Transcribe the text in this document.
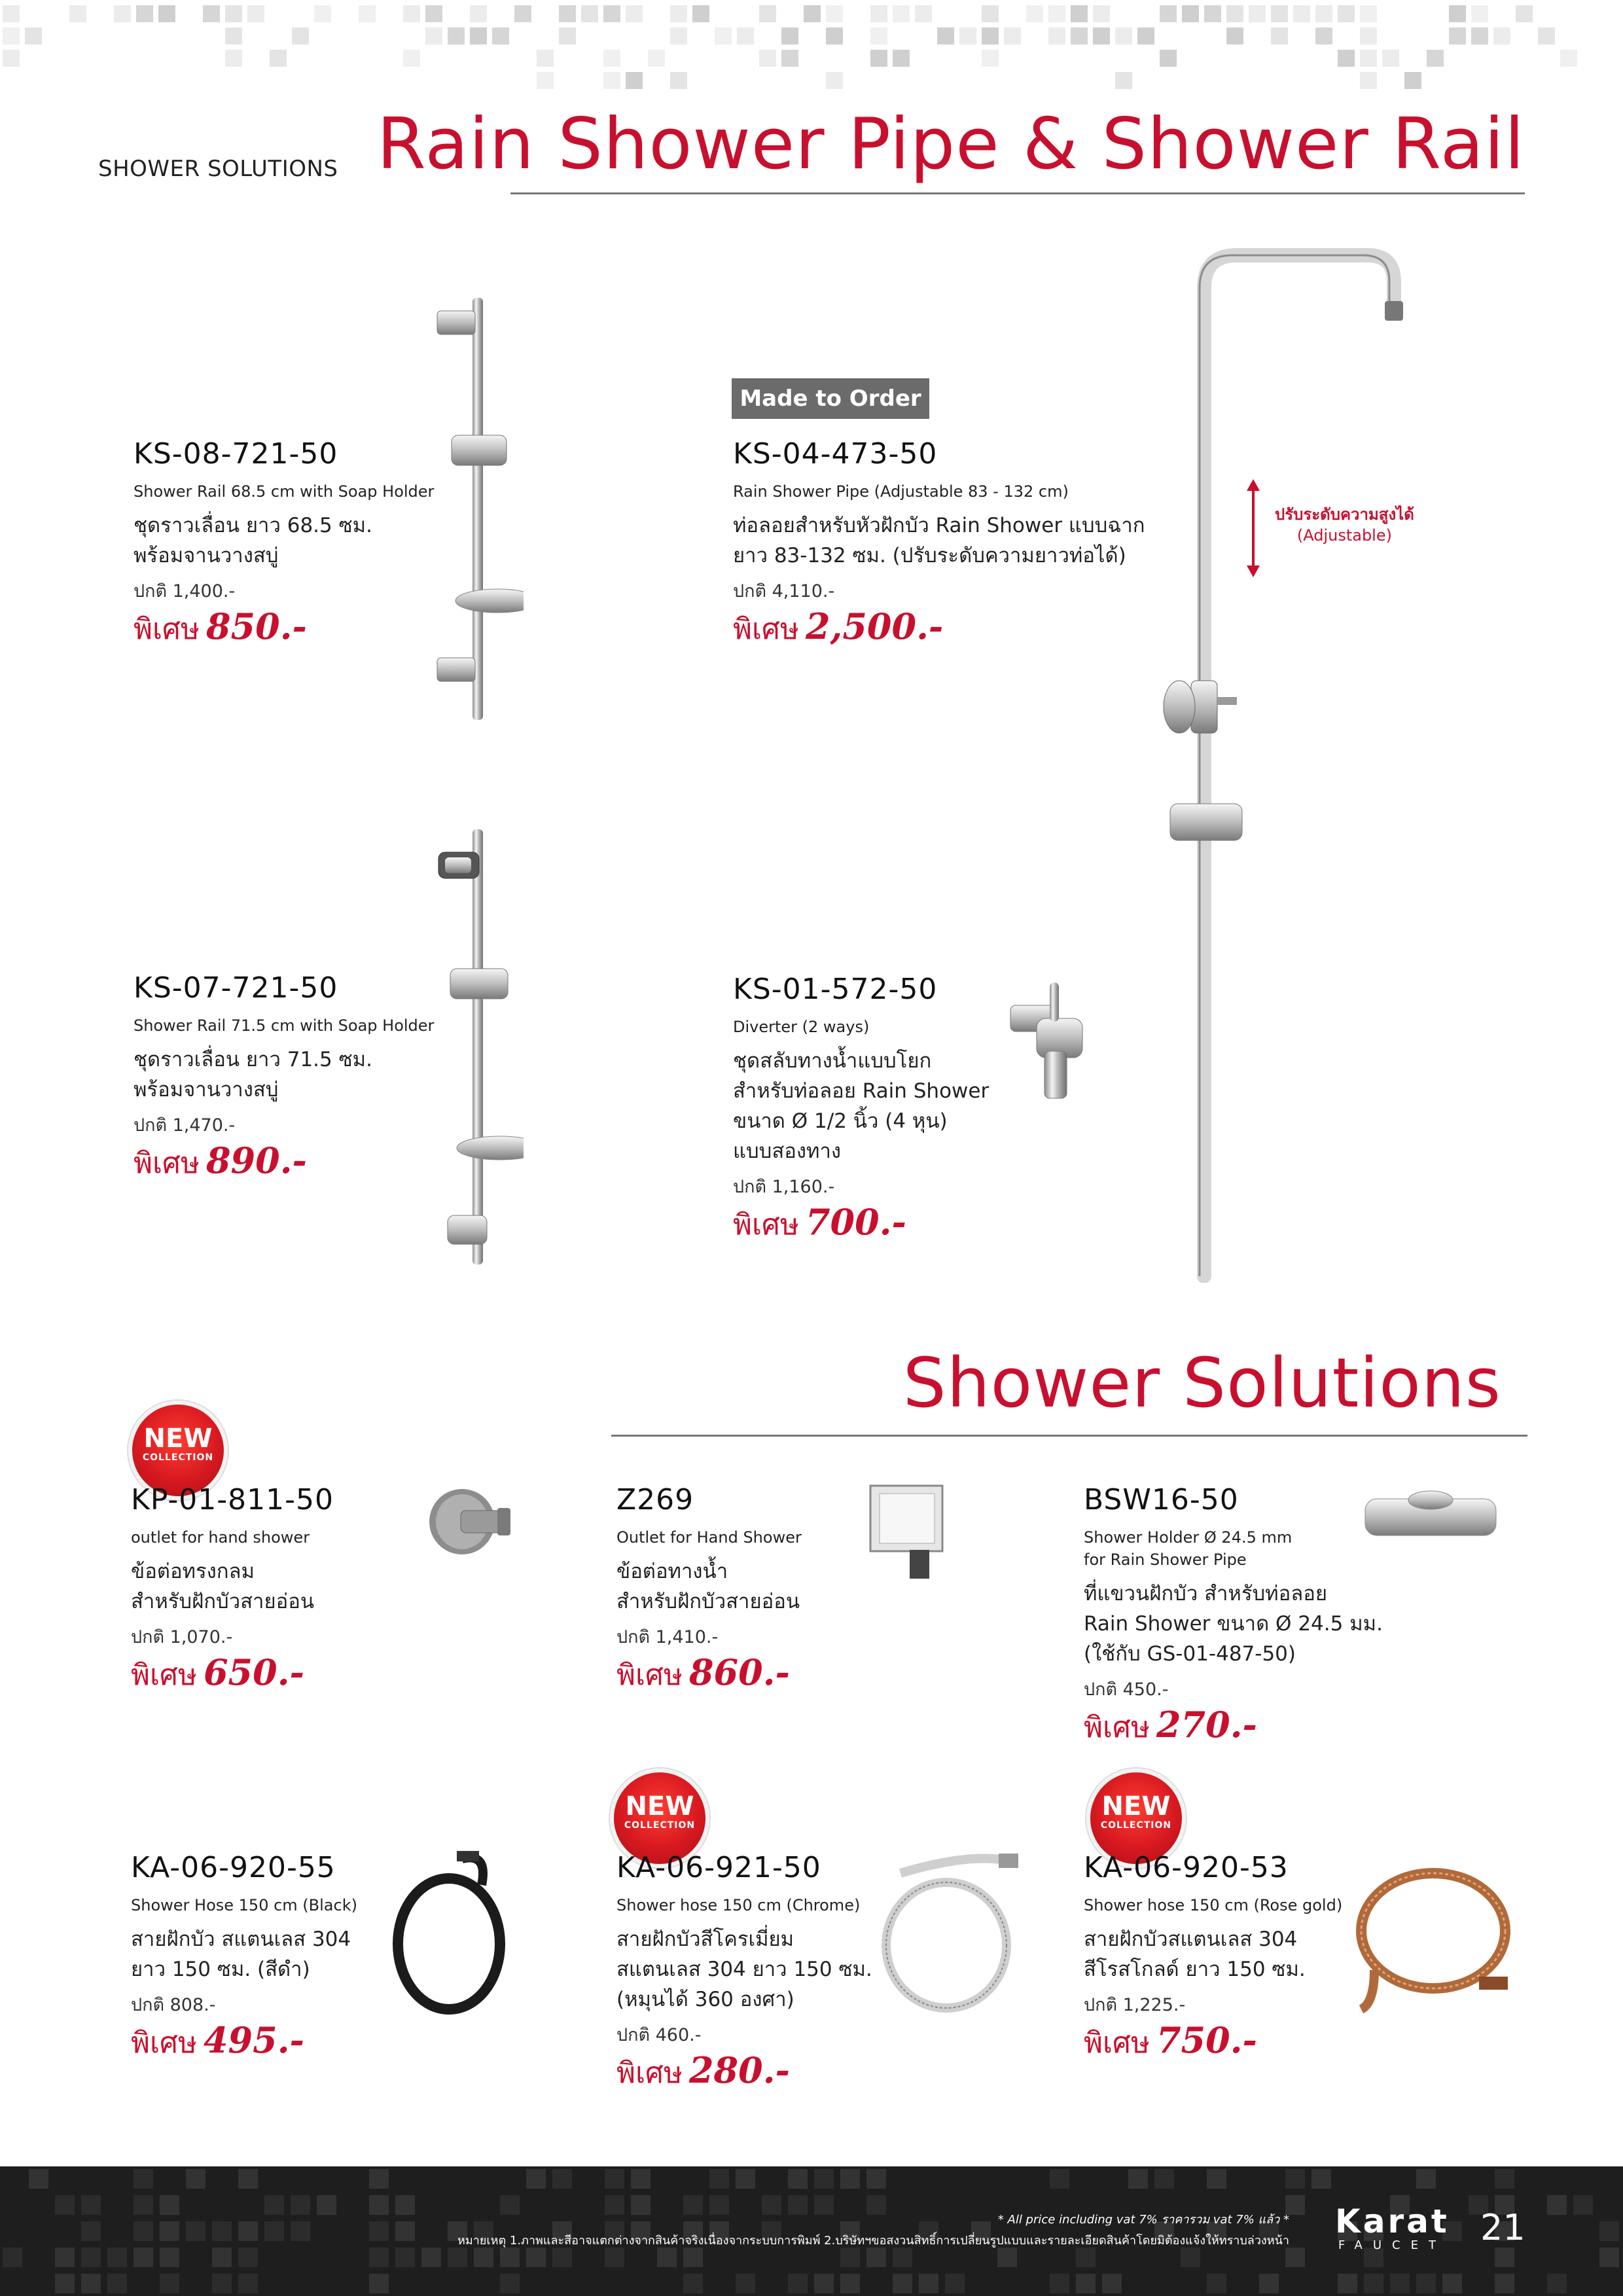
SHOWER SOLUTIONS Rain Shower Pipe & Shower Rail
ปรับระดับความสูงได้
(Adjustable)
Made to Order
KS-08-721-50
Shower Rail 68.5 cm with Soap Holder
ชุดราวเลื่อน ยาว 68.5 ซม.
พร้อมจานวางสบู่
ปกติ 1,400.-
พิเศษ 850.-
KS-04-473-50
Rain Shower Pipe (Adjustable 83 - 132 cm)
ท่อลอยสำหรับหัวฝักบัว Rain Shower แบบฉาก
ยาว 83-132 ซม. (ปรับระดับความยาวท่อได้)
ปกติ 4,110.-
พิเศษ 2,500.-
KS-07-721-50
Shower Rail 71.5 cm with Soap Holder
ชุดราวเลื่อน ยาว 71.5 ซม.
พร้อมจานวางสบู่
ปกติ 1,470.-
พิเศษ 890.-
KS-01-572-50
Diverter (2 ways)
ชุดสลับทางน้ำแบบโยก
สำหรับท่อลอย Rain Shower
ขนาด Ø 1/2 นิ้ว (4 หุน)
แบบสองทาง
ปกติ 1,160.-
พิเศษ 700.-
Shower Solutions
NEW
COLLECTION
NEW
COLLECTION
NEW
COLLECTION
KP-01-811-50
outlet for hand shower
ข้อต่อทรงกลม
สำหรับฝักบัวสายอ่อน
ปกติ 1,070.-
พิเศษ 650.-
Z269
Outlet for Hand Shower
ข้อต่อทางน้ำ
สำหรับฝักบัวสายอ่อน
ปกติ 1,410.-
พิเศษ 860.-
BSW16-50
Shower Holder Ø 24.5 mm
for Rain Shower Pipe
ที่แขวนฝักบัว สำหรับท่อลอย
Rain Shower ขนาด Ø 24.5 มม.
(ใช้กับ GS-01-487-50)
ปกติ 450.-
พิเศษ 270.-
KA-06-920-55
Shower Hose 150 cm (Black)
สายฝักบัว สแตนเลส 304
ยาว 150 ซม. (สีดำ)
ปกติ 808.-
พิเศษ 495.-
KA-06-921-50
Shower hose 150 cm (Chrome)
สายฝักบัวสีโครเมี่ยม
สแตนเลส 304 ยาว 150 ซม.
(หมุนได้ 360 องศา)
ปกติ 460.-
พิเศษ 280.-
KA-06-920-53
Shower hose 150 cm (Rose gold)
สายฝักบัวสแตนเลส 304
สีโรสโกลด์ ยาว 150 ซม.
ปกติ 1,225.-
พิเศษ 750.-
* All price including vat 7% ราคารวม vat 7% แล้ว *
หมายเหตุ 1.ภาพและสีอาจแตกต่างจากสินค้าจริงเนื่องจากระบบการพิมพ์ 2.บริษัทฯขอสงวนสิทธิ์การเปลี่ยนรูปแบบและรายละเอียดสินค้าโดยมิต้องแจ้งให้ทราบล่วงหน้า
Karat
FAUCET 21
